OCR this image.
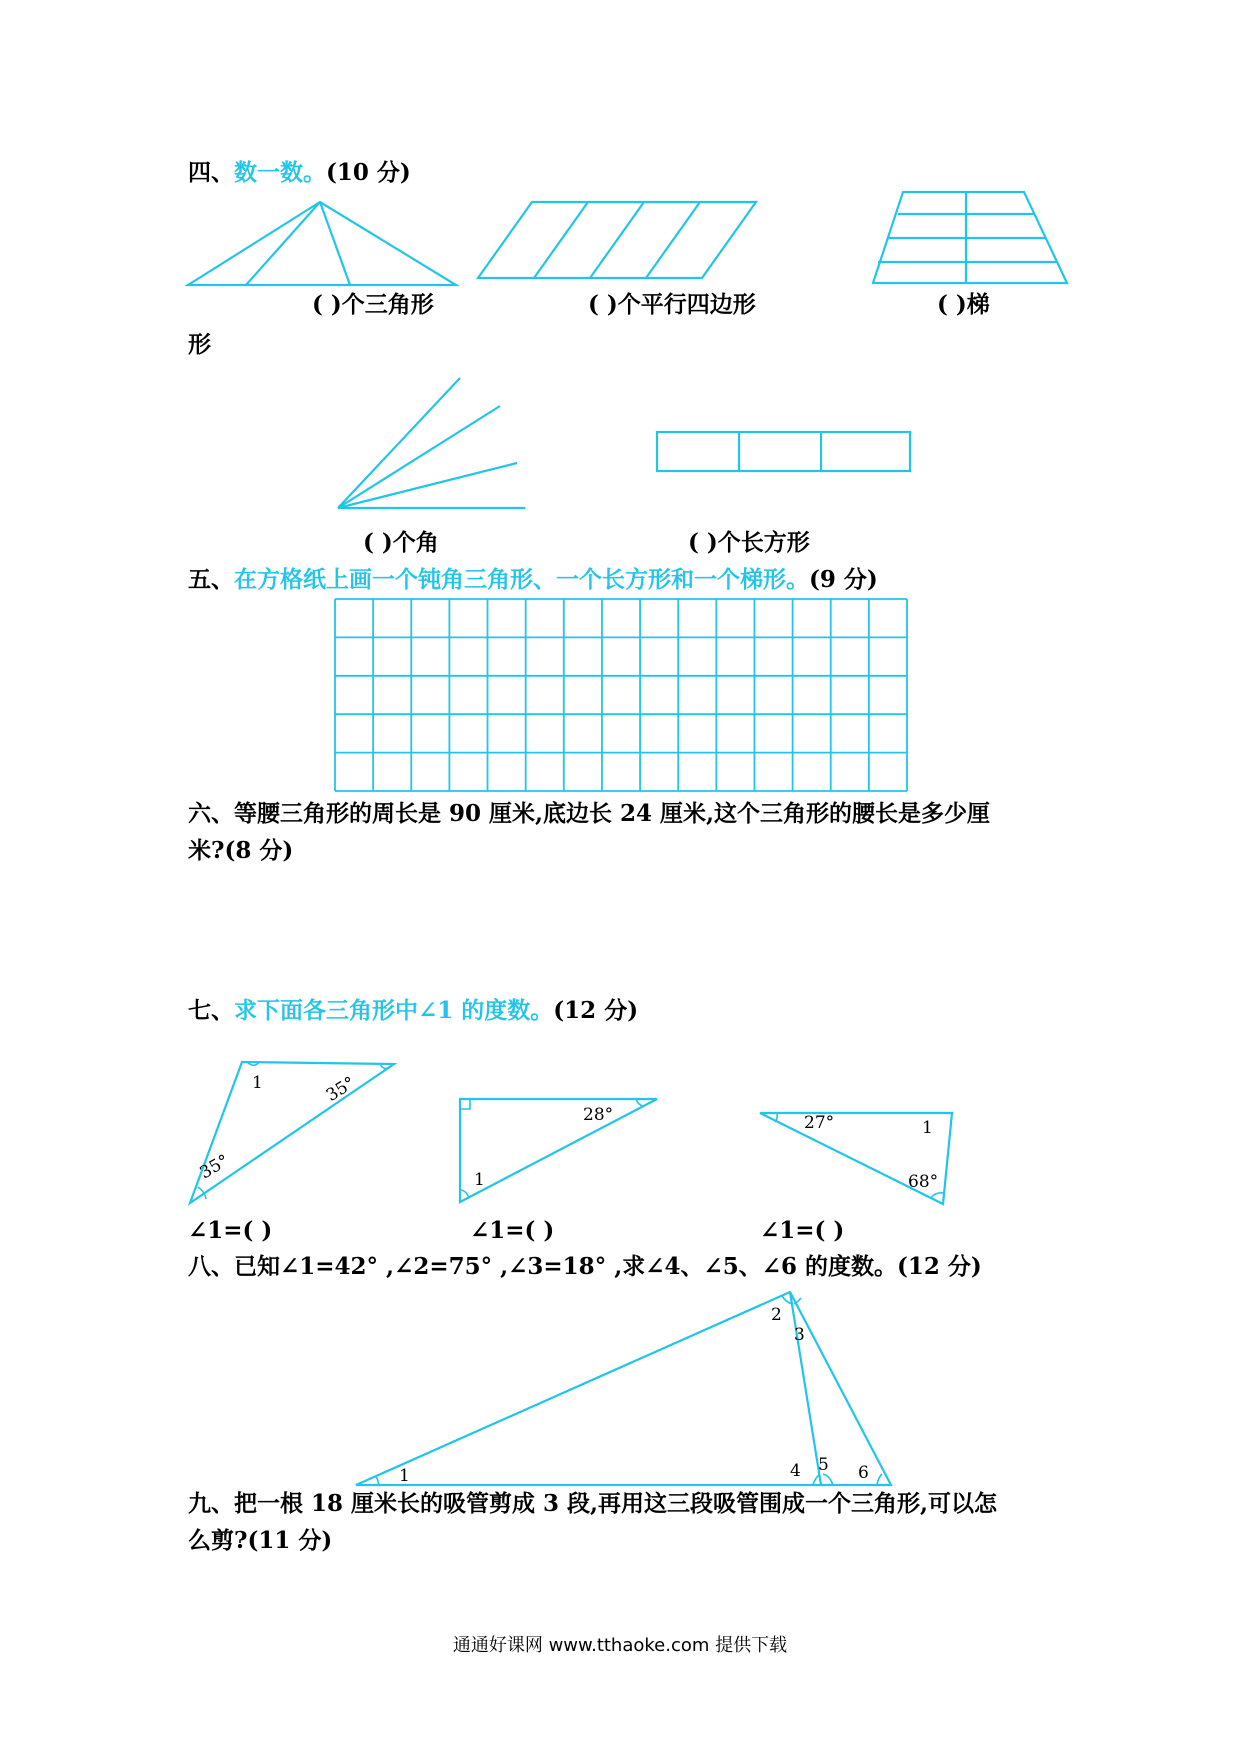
四、数一数。(10 分)
1	35°
35°
28°
1
27°	1
68°
1
2
3
4 5 6
( )个三角形	( )个平行四边形	( )梯
形
( )个角	( )个长方形
五、在方格纸上画一个钝角三角形、一个长方形和一个梯形。(9 分)
六、等腰三角形的周长是 90 厘米,底边长 24 厘米,这个三角形的腰长是多少厘
米?(8 分)
七、求下面各三角形中∠1 的度数。(12 分)
∠1=( )	∠1=( )	∠1=( )
八、已知∠1=42° ,∠2=75° ,∠3=18° ,求∠4、∠5、∠6 的度数。(12 分)
九、把一根 18 厘米长的吸管剪成 3 段,再用这三段吸管围成一个三角形,可以怎
么剪?(11 分)
通通好课网 www.tthaoke.com 提供下载
